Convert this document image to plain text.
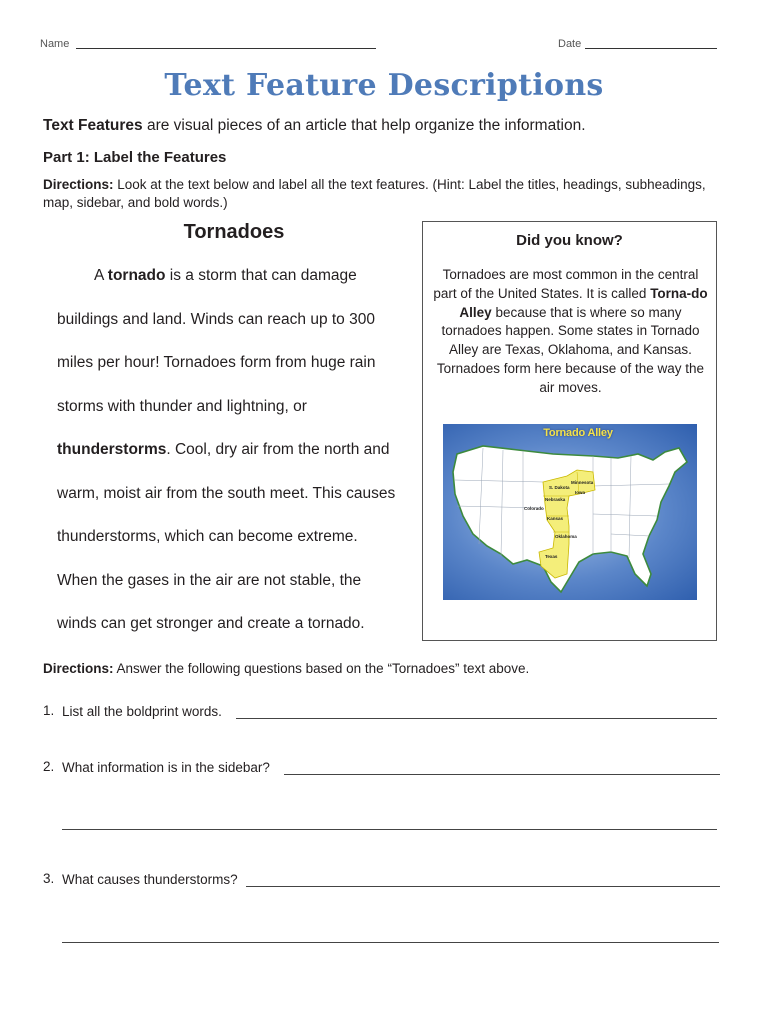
Name	Date
Text Feature Descriptions
Text Features are visual pieces of an article that help organize the information.
Part 1: Label the Features
Directions: Look at the text below and label all the text features. (Hint: Label the titles, headings, subheadings, map, sidebar, and bold words.)
Tornadoes
A tornado is a storm that can damage
buildings and land. Winds can reach up to 300
miles per hour! Tornadoes form from huge rain
storms with thunder and lightning, or
thunderstorms. Cool, dry air from the north and
warm, moist air from the south meet. This causes
thunderstorms, which can become extreme.
When the gases in the air are not stable, the
winds can get stronger and create a tornado.
Did you know?
Tornadoes are most common in the central part of the United States. It is called Torna-do Alley because that is where so many tornadoes happen. Some states in Tornado Alley are Texas, Oklahoma, and Kansas. Tornadoes form here because of the way the air moves.
Tornado Alley
S. Dakota
Minnesota
Nebraska
Iowa
Colorado
Kansas
Oklahoma
Texas
Directions: Answer the following questions based on the “Tornadoes” text above.
1. List all the boldprint words.
2. What information is in the sidebar?
3. What causes thunderstorms?
